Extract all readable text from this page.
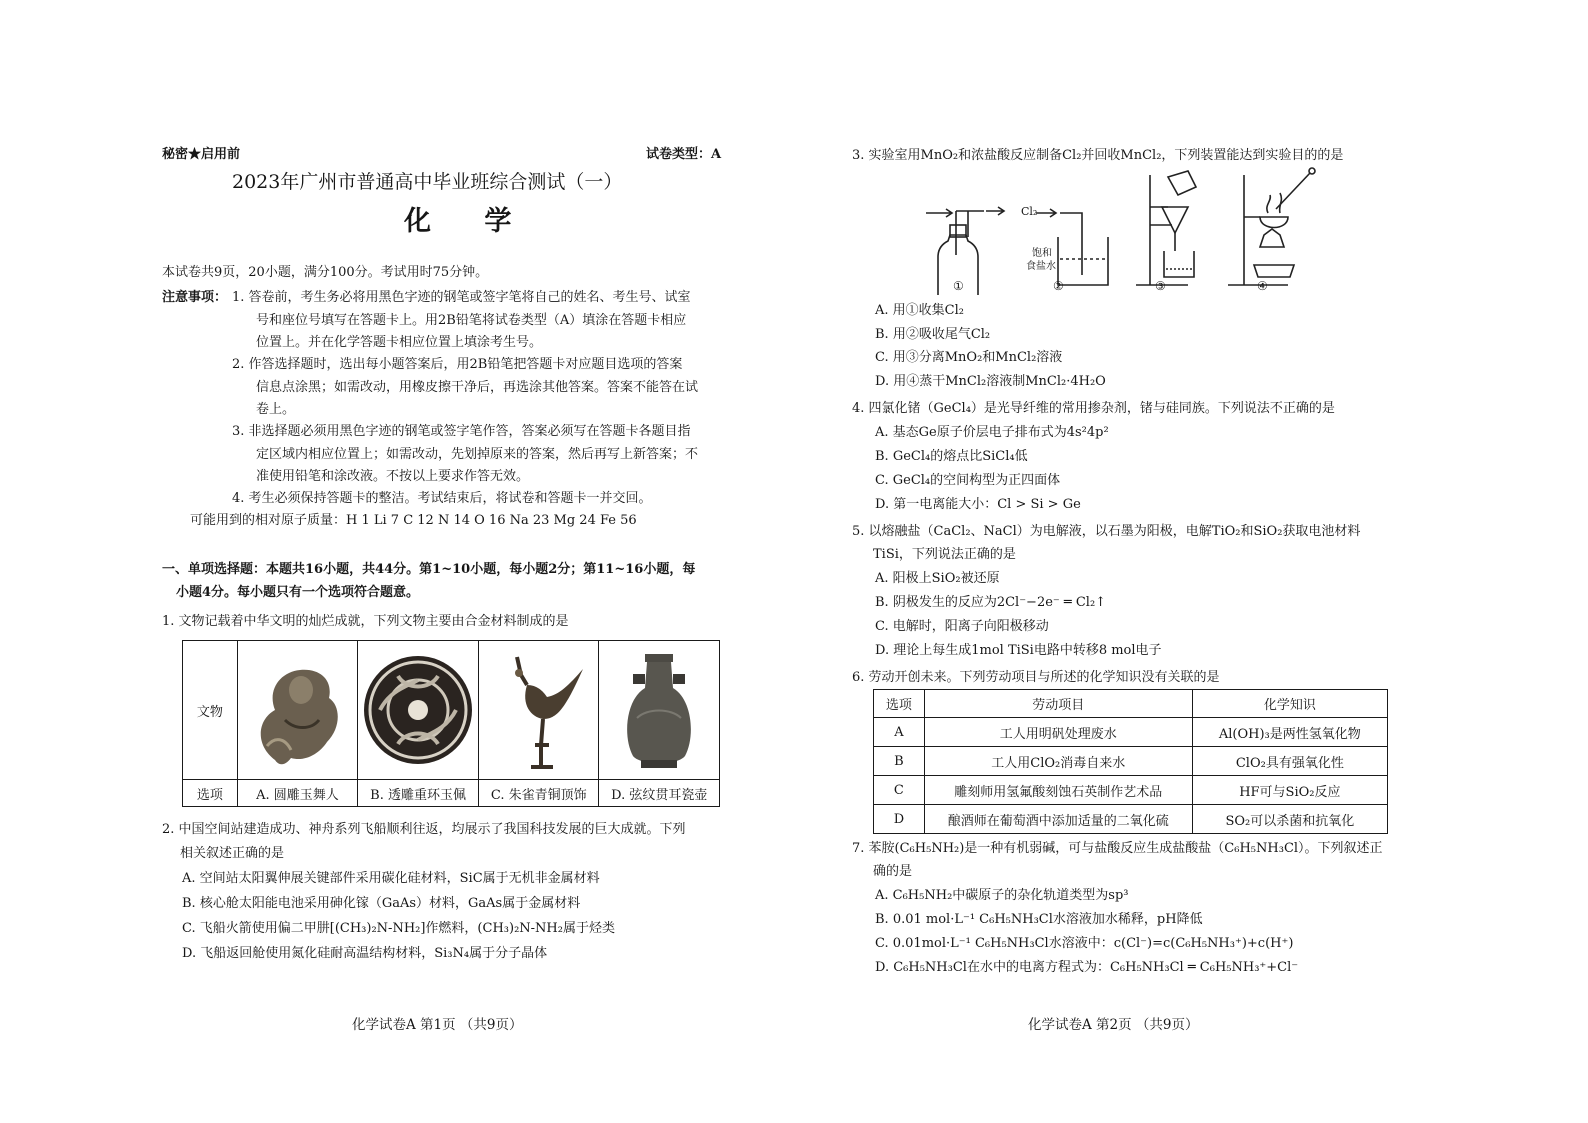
秘密★启用前	试卷类型：A
2023年广州市普通高中毕业班综合测试（一）
化 学
本试卷共9页，20小题，满分100分。考试用时75分钟。
注意事项： 1. 答卷前，考生务必将用黑色字迹的钢笔或签字笔将自己的姓名、考生号、试室
号和座位号填写在答题卡上。用2B铅笔将试卷类型（A）填涂在答题卡相应
位置上。并在化学答题卡相应位置上填涂考生号。
2. 作答选择题时，选出每小题答案后，用2B铅笔把答题卡对应题目选项的答案
信息点涂黑；如需改动，用橡皮擦干净后，再选涂其他答案。答案不能答在试
卷上。
3. 非选择题必须用黑色字迹的钢笔或签字笔作答，答案必须写在答题卡各题目指
定区域内相应位置上；如需改动，先划掉原来的答案，然后再写上新答案；不
准使用铅笔和涂改液。不按以上要求作答无效。
4. 考生必须保持答题卡的整洁。考试结束后，将试卷和答题卡一并交回。
可能用到的相对原子质量：H 1 Li 7 C 12 N 14 O 16 Na 23 Mg 24 Fe 56
一、单项选择题：本题共16小题，共44分。第1~10小题，每小题2分；第11~16小题，每
小题4分。每小题只有一个选项符合题意。
1. 文物记载着中华文明的灿烂成就，下列文物主要由合金材料制成的是
文物	

选项	A. 圆雕玉舞人	B. 透雕重环玉佩	C. 朱雀青铜顶饰	D. 弦纹贯耳瓷壶
2. 中国空间站建造成功、神舟系列飞船顺利往返，均展示了我国科技发展的巨大成就。下列
相关叙述正确的是
A. 空间站太阳翼伸展关键部件采用碳化硅材料，SiC属于无机非金属材料
B. 核心舱太阳能电池采用砷化镓（GaAs）材料，GaAs属于金属材料
C. 飞船火箭使用偏二甲肼[(CH₃)₂N-NH₂]作燃料，(CH₃)₂N-NH₂属于烃类
D. 飞船返回舱使用氮化硅耐高温结构材料，Si₃N₄属于分子晶体
化学试卷A 第1页 （共9页）
3. 实验室用MnO₂和浓盐酸反应制备Cl₂并回收MnCl₂，下列装置能达到实验目的的是
Cl₂
饱和
食盐水
①	②	③	④
A. 用①收集Cl₂
B. 用②吸收尾气Cl₂
C. 用③分离MnO₂和MnCl₂溶液
D. 用④蒸干MnCl₂溶液制MnCl₂·4H₂O
4. 四氯化锗（GeCl₄）是光导纤维的常用掺杂剂，锗与硅同族。下列说法不正确的是
A. 基态Ge原子价层电子排布式为4s²4p²
B. GeCl₄的熔点比SiCl₄低
C. GeCl₄的空间构型为正四面体
D. 第一电离能大小：Cl > Si > Ge
5. 以熔融盐（CaCl₂、NaCl）为电解液，以石墨为阳极，电解TiO₂和SiO₂获取电池材料
TiSi，下列说法正确的是
A. 阳极上SiO₂被还原
B. 阴极发生的反应为2Cl⁻−2e⁻ ═ Cl₂↑
C. 电解时，阳离子向阳极移动
D. 理论上每生成1mol TiSi电路中转移8 mol电子
6. 劳动开创未来。下列劳动项目与所述的化学知识没有关联的是
选项	劳动项目	化学知识
A	工人用明矾处理废水	Al(OH)₃是两性氢氧化物
B	工人用ClO₂消毒自来水	ClO₂具有强氧化性
C	雕刻师用氢氟酸刻蚀石英制作艺术品	HF可与SiO₂反应
D	酿酒师在葡萄酒中添加适量的二氧化硫	SO₂可以杀菌和抗氧化
7. 苯胺(C₆H₅NH₂)是一种有机弱碱，可与盐酸反应生成盐酸盐（C₆H₅NH₃Cl）。下列叙述正
确的是
A. C₆H₅NH₂中碳原子的杂化轨道类型为sp³
B. 0.01 mol·L⁻¹ C₆H₅NH₃Cl水溶液加水稀释，pH降低
C. 0.01mol·L⁻¹ C₆H₅NH₃Cl水溶液中：c(Cl⁻)=c(C₆H₅NH₃⁺)+c(H⁺)
D. C₆H₅NH₃Cl在水中的电离方程式为：C₆H₅NH₃Cl ═ C₆H₅NH₃⁺+Cl⁻
化学试卷A 第2页 （共9页）
